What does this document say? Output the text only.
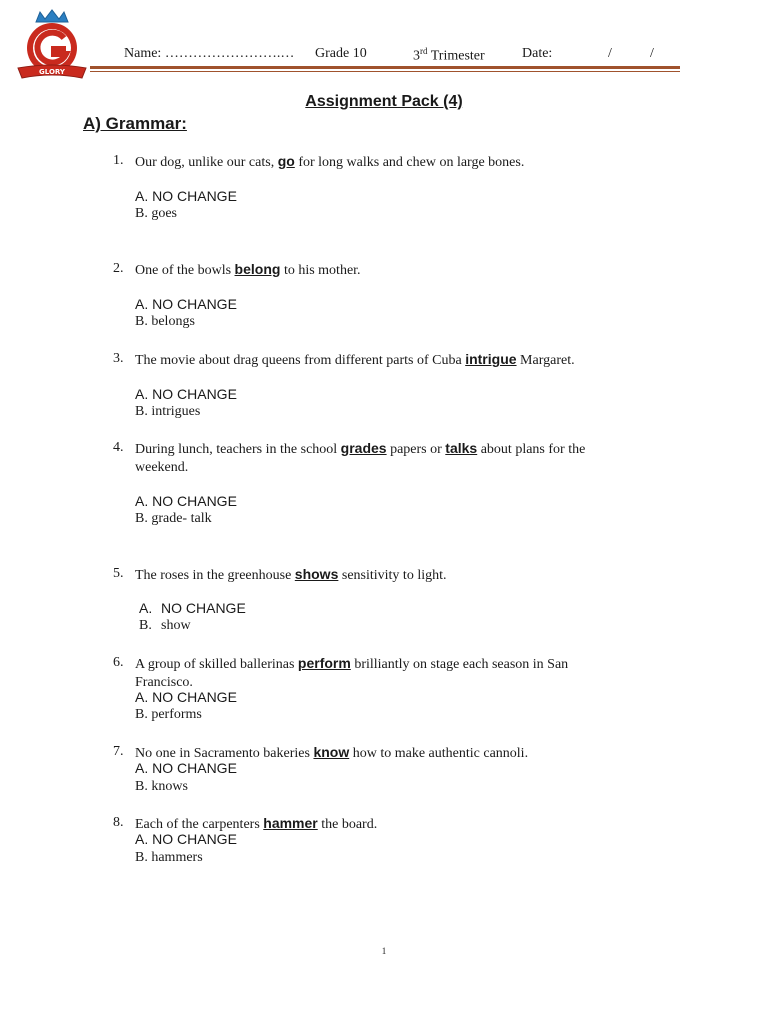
GLORY
Name: …………………….… Grade 10	3rd Trimester	Date:	/	/
Assignment Pack (4)
A) Grammar:
1. Our dog, unlike our cats, go for long walks and chew on large bones.
A. NO CHANGE
B. goes
2. One of the bowls belong to his mother.
A. NO CHANGE
B. belongs
3. The movie about drag queens from different parts of Cuba intrigue Margaret.
A. NO CHANGE
B. intrigues
4. During lunch, teachers in the school grades papers or talks about plans for the weekend.
A. NO CHANGE
B. grade- talk
5. The roses in the greenhouse shows sensitivity to light.
A. NO CHANGE
B. show
6. A group of skilled ballerinas perform brilliantly on stage each season in San Francisco.
A. NO CHANGE
B. performs
7. No one in Sacramento bakeries know how to make authentic cannoli.
A. NO CHANGE
B. knows
8. Each of the carpenters hammer the board.
A. NO CHANGE
B. hammers
1
